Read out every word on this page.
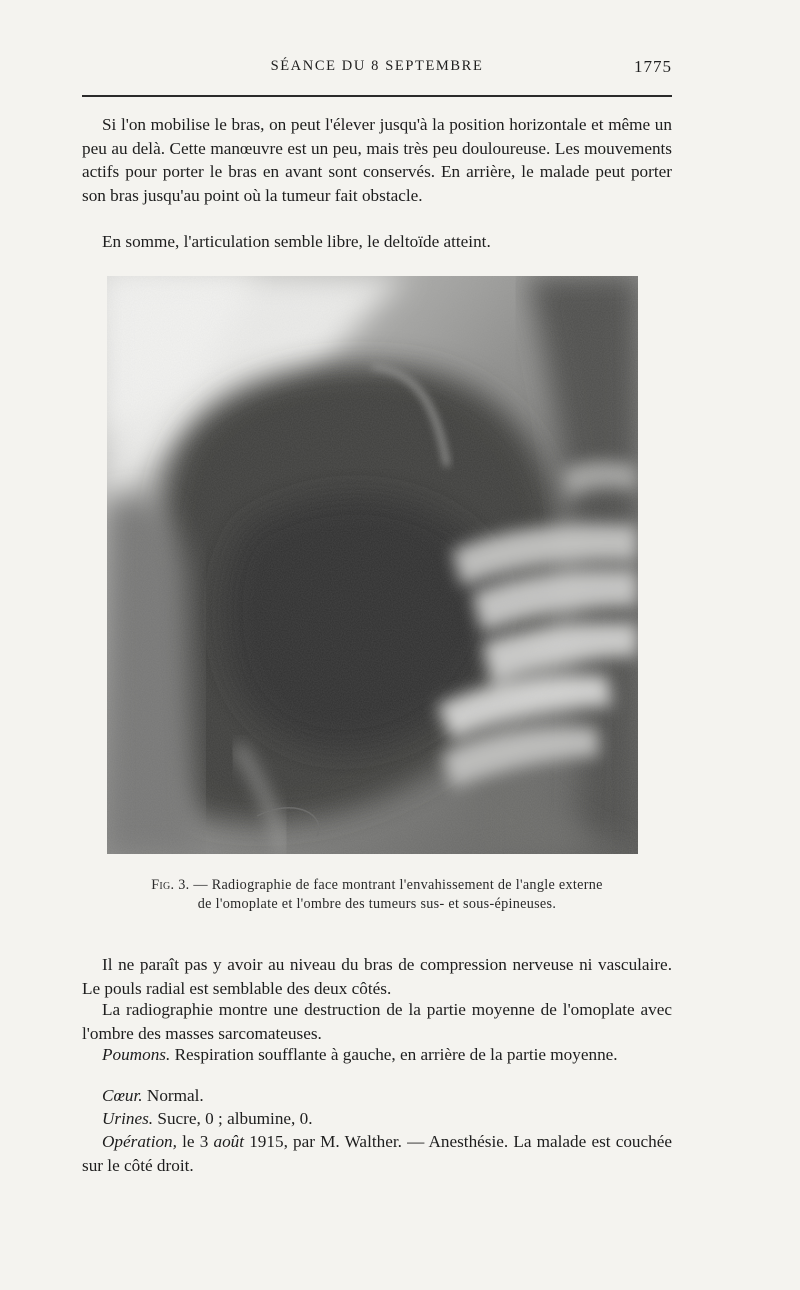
SÉANCE DU 8 SEPTEMBRE	1775

Si l'on mobilise le bras, on peut l'élever jusqu'à la position horizontale et même un peu au delà. Cette manœuvre est un peu, mais très peu douloureuse. Les mouvements actifs pour porter le bras en avant sont conservés. En arrière, le malade peut porter son bras jusqu'au point où la tumeur fait obstacle.

En somme, l'articulation semble libre, le deltoïde atteint.

Fig. 3. — Radiographie de face montrant l'envahissement de l'angle externe
de l'omoplate et l'ombre des tumeurs sus- et sous-épineuses.

Il ne paraît pas y avoir au niveau du bras de compression nerveuse ni vasculaire. Le pouls radial est semblable des deux côtés.

La radiographie montre une destruction de la partie moyenne de l'omoplate avec l'ombre des masses sarcomateuses.

Poumons. Respiration soufflante à gauche, en arrière de la partie moyenne.

Cœur. Normal.

Urines. Sucre, 0 ; albumine, 0.

Opération, le 3 août 1915, par M. Walther. — Anesthésie. La malade est couchée sur le côté droit.
